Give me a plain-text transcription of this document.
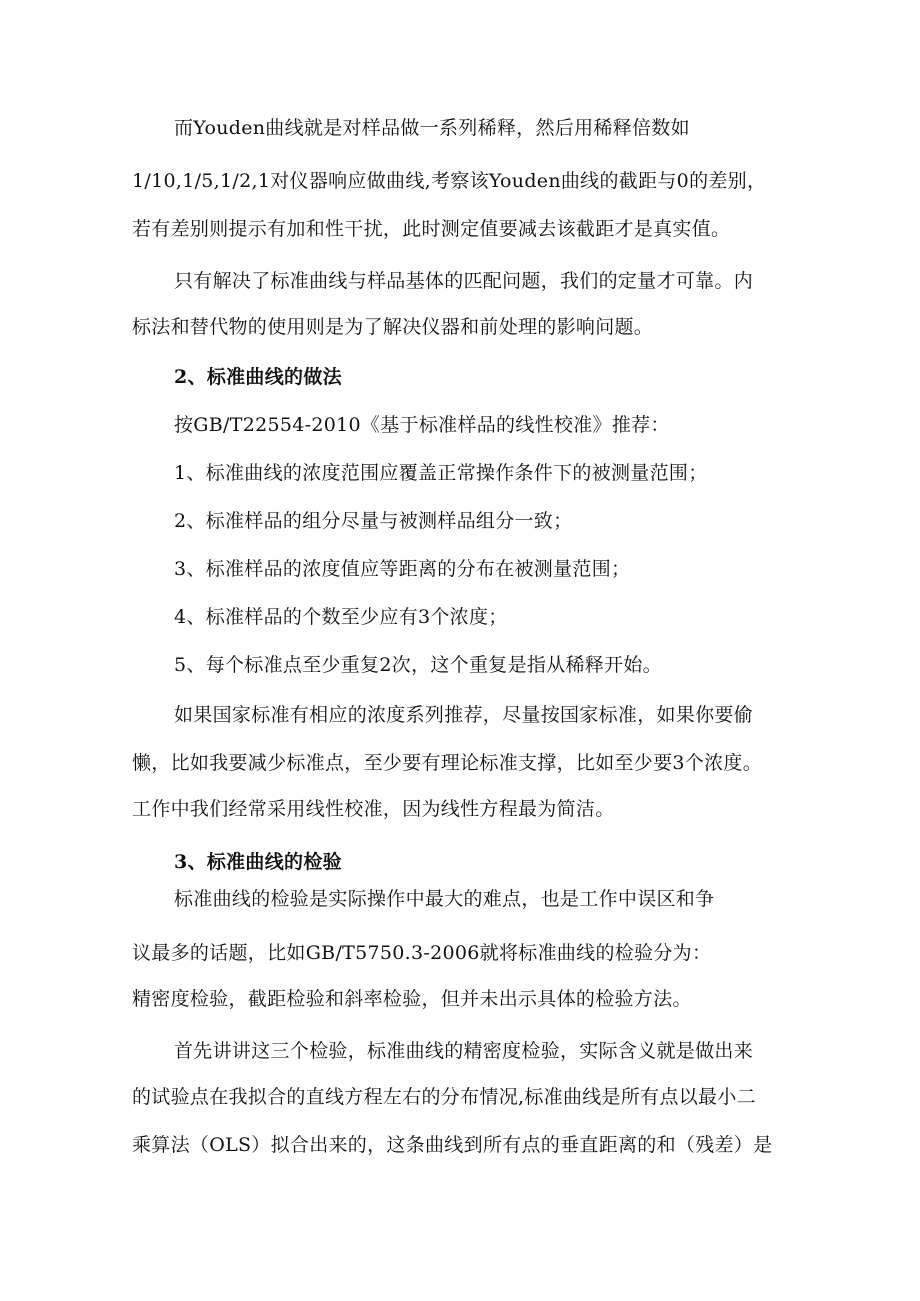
而Youden曲线就是对样品做一系列稀释，然后用稀释倍数如
1/10,1/5,1/2,1对仪器响应做曲线,考察该Youden曲线的截距与0的差别，
若有差别则提示有加和性干扰，此时测定值要减去该截距才是真实值。
只有解决了标准曲线与样品基体的匹配问题，我们的定量才可靠。内
标法和替代物的使用则是为了解决仪器和前处理的影响问题。
2、标准曲线的做法
按GB/T22554-2010《基于标准样品的线性校准》推荐：
1、标准曲线的浓度范围应覆盖正常操作条件下的被测量范围；
2、标准样品的组分尽量与被测样品组分一致；
3、标准样品的浓度值应等距离的分布在被测量范围；
4、标准样品的个数至少应有3个浓度；
5、每个标准点至少重复2次，这个重复是指从稀释开始。
如果国家标准有相应的浓度系列推荐，尽量按国家标准，如果你要偷
懒，比如我要减少标准点，至少要有理论标准支撑，比如至少要3个浓度。
工作中我们经常采用线性校准，因为线性方程最为简洁。
3、标准曲线的检验
标准曲线的检验是实际操作中最大的难点，也是工作中误区和争
议最多的话题，比如GB/T5750.3-2006就将标准曲线的检验分为：
精密度检验，截距检验和斜率检验，但并未出示具体的检验方法。
首先讲讲这三个检验，标准曲线的精密度检验，实际含义就是做出来
的试验点在我拟合的直线方程左右的分布情况,标准曲线是所有点以最小二
乘算法（OLS）拟合出来的，这条曲线到所有点的垂直距离的和（残差）是
